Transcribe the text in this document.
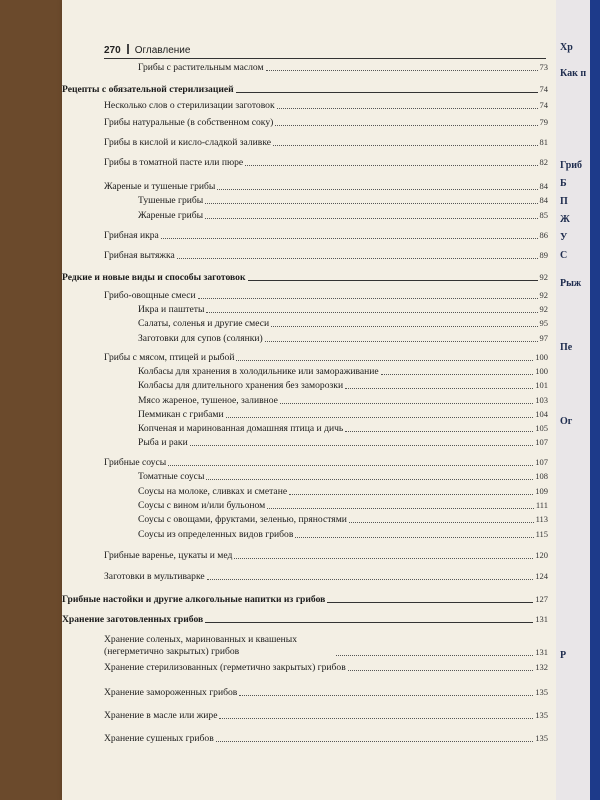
270 Оглавление
Грибы с растительным маслом	73
Рецепты с обязательной стерилизацией	74
Несколько слов о стерилизации заготовок	74
Грибы натуральные (в собственном соку)	79
Грибы в кислой и кисло-сладкой заливке	81
Грибы в томатной пасте или пюре	82
Жареные и тушеные грибы	84
Тушеные грибы	84
Жареные грибы	85
Грибная икра	86
Грибная вытяжка	89
Редкие и новые виды и способы заготовок	92
Грибо-овощные смеси	92
Икра и паштеты	92
Салаты, соленья и другие смеси	95
Заготовки для супов (солянки)	97
Грибы с мясом, птицей и рыбой	100
Колбасы для хранения в холодильнике или замораживание	100
Колбасы для длительного хранения без заморозки	101
Мясо жареное, тушеное, заливное	103
Пеммикан с грибами	104
Копченая и маринованная домашняя птица и дичь	105
Рыба и раки	107
Грибные соусы	107
Томатные соусы	108
Соусы на молоке, сливках и сметане	109
Соусы с вином и/или бульоном	111
Соусы с овощами, фруктами, зеленью, пряностями	113
Соусы из определенных видов грибов	115
Грибные варенье, цукаты и мед	120
Заготовки в мультиварке	124
Грибные настойки и другие алкогольные напитки из грибов	127
Хранение заготовленных грибов	131
Хранение соленых, маринованных и квашеных (негерметично закрытых) грибов	131
Хранение стерилизованных (герметично закрытых) грибов	132
Хранение замороженных грибов	135
Хранение в масле или жире	135
Хранение сушеных грибов	135
Хр
Как п
Гриб
Б
П
Ж
У
С
Рыж
Пе
Ог
Р
